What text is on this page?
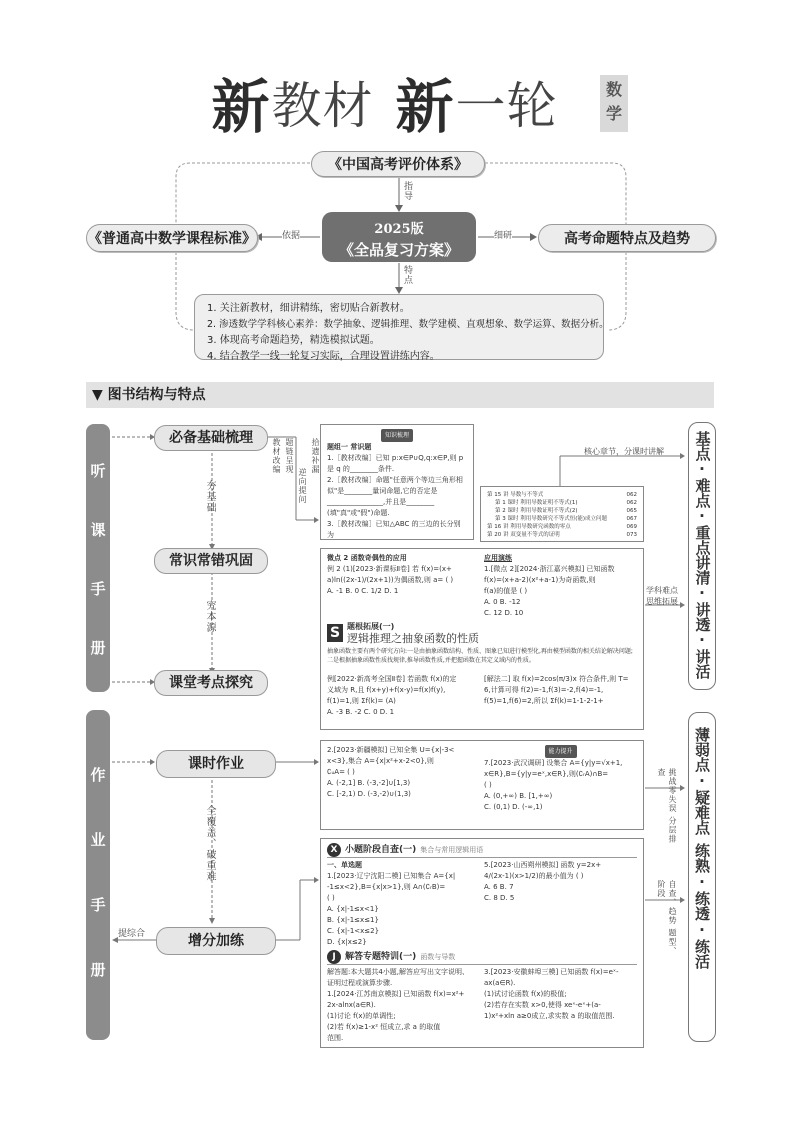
新 教材 新 一轮	数学
《中国高考评价体系》
指导
2025版
《全品复习方案》
《普通高中数学课程标准》	依据	高考命题特点及趋势
细研
特点
1. 关注新教材，细讲精练，密切贴合新教材。
2. 渗透数学学科核心素养：数学抽象、逻辑推理、数学建模、直观想象、数学运算、数据分析。
3. 体现高考命题趋势，精选模拟试题。
4. 结合教学一线一轮复习实际，合理设置讲练内容。
▼ 图书结构与特点
听
课
手
册
必备基础梳理
夯基础
常识常错巩固
究本源
课堂考点探究
教材改编 题链呈现
逆向提问
拾遗补漏
知识梳理
题组一 常识题
1.［教材改编］已知 p:x∈P∪Q,q:x∈P,则 p
是 q 的________条件.
2.［教材改编］命题"任意两个等边三角形相
似"是________量词命题,它的否定是
________________,并且是________
(填"真"或"假")命题.
3.［教材改编］已知△ABC 的三边的长分别为
第 15 讲 导数与不等式	062
第 1 课时 利用导数证明不等式(1)	062
第 2 课时 利用导数证明不等式(2)	065
第 3 课时 利用导数研究不等式恒(能)成立问题	067
第 16 讲 利用导数研究函数的零点	069
第 20 讲 双变量不等式的证明	073
核心章节，分课时讲解
学科难点思维拓展
微点 2 函数奇偶性的应用
例 2 (1)[2023·新课标Ⅱ卷] 若 f(x)=(x+
a)ln((2x-1)/(2x+1))为偶函数,则 a= ( )
A. -1 B. 0 C. 1/2 D. 1
应用演练
1.[微点 2][2024·浙江嘉兴模拟] 已知函数
f(x)=(x+a-2)(x²+a-1)为奇函数,则
f(a)的值是 ( )
A. 0 B. -12
C. 12 D. 10
S 题根拓展(一)
逻辑推理之抽象函数的性质
抽象函数主要有两个研究方向:一是由抽象函数结构、性质、图象已知进行模型化,再由模型函数的相关结论解决问题;二是根据抽象函数性质找规律,推导函数性质,并把握函数在其定义域内的性质。
例[2022·新高考全国Ⅱ卷] 若函数 f(x)的定
义域为 R,且 f(x+y)+f(x-y)=f(x)f(y),
f(1)=1,则 Σf(k)= (A)
A. -3 B. -2 C. 0 D. 1
[解法二] 取 f(x)=2cos(π/3)x 符合条件,则 T=
6,计算可得 f(2)=-1,f(3)=-2,f(4)=-1,
f(5)=1,f(6)=2,所以 Σf(k)=1-1-2-1+
基点
·
难点
·
重点
讲清
·
讲透
·
讲活
作
业
手
册
课时作业
全覆盖、破重难
增分加练
提综合
2.[2023·新疆模拟] 已知全集 U={x|-3<
x<3},集合 A={x|x²+x-2<0},则
∁ᵤA= ( )
A. (-2,1] B. (-3,-2]∪[1,3)
C. [-2,1) D. (-3,-2)∪(1,3)
能力提升
7.[2023·武汉调研] 设集合 A={y|y=√x+1,
x∈R},B={y|y=eˣ,x∈R},则(∁ᵣA)∩B=
( )
A. (0,+∞) B. [1,+∞)
C. (0,1) D. (-∞,1)	挑战零失误 分层排查
自查、趋势 题型、阶段
X 小题阶段自查(一) 集合与常用逻辑用语
一、单选题
1.[2023·辽宁沈阳二模] 已知集合 A={x|
-1≤x<2},B={x|x>1},则 A∩(∁ᵣB)=
( )
A. {x|-1≤x<1}
B. {x|-1≤x≤1}
C. {x|-1<x≤2}
D. {x|x≤2}
5.[2023·山西朔州模拟] 函数 y=2x+
4/(2x-1)(x>1/2)的最小值为 ( )
A. 6 B. 7
C. 8 D. 5
J	解答专题特训(一) 函数与导数
解答题:本大题共4小题,解答应写出文字说明、证明过程或演算步骤.
1.[2024·江苏南京模拟] 已知函数 f(x)=x²+
2x-alnx(a∈R).
(1)讨论 f(x)的单调性;
(2)若 f(x)≥1-x² 恒成立,求 a 的取值
范围.
3.[2023·安徽蚌埠三模] 已知函数 f(x)=eˣ-
ax(a∈R).
(1)试讨论函数 f(x)的极值;
(2)若存在实数 x>0,使得 xeˣ-eˣ+(a-
1)x²+xln a≥0成立,求实数 a 的取值范围.
薄弱点
·
疑难点
练熟
·
练透
·
练活
